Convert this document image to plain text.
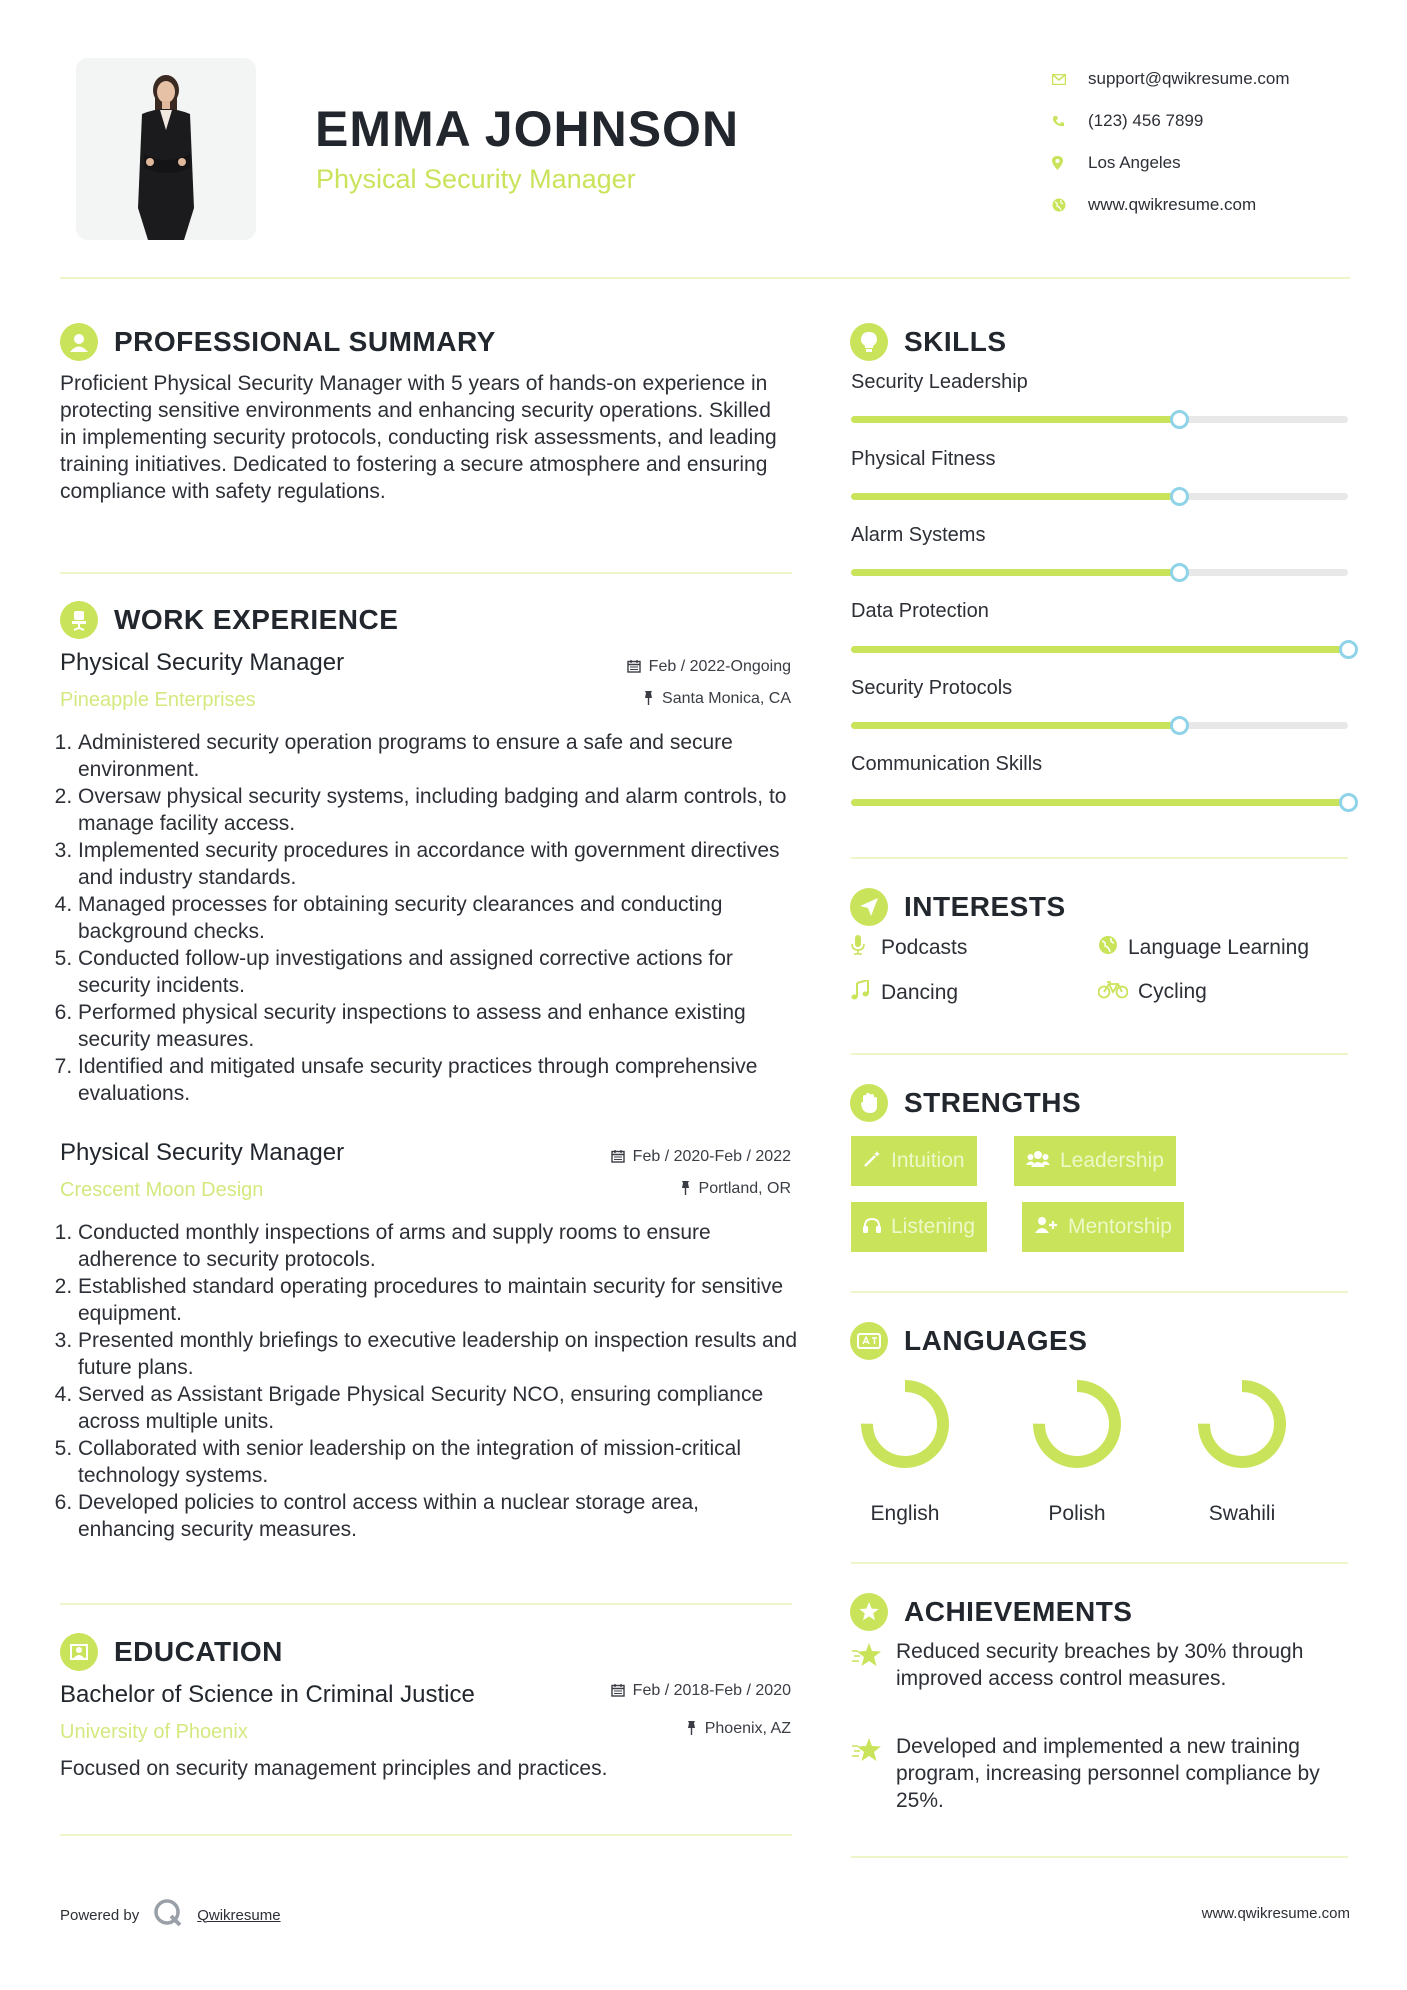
EMMA JOHNSON
Physical Security Manager
support@qwikresume.com
(123) 456 7899
Los Angeles
www.qwikresume.com
PROFESSIONAL SUMMARY
Proficient Physical Security Manager with 5 years of hands-on experience in protecting sensitive environments and enhancing security operations. Skilled in implementing security protocols, conducting risk assessments, and leading training initiatives. Dedicated to fostering a secure atmosphere and ensuring compliance with safety regulations.
WORK EXPERIENCE
Physical Security Manager
Pineapple Enterprises
Feb / 2022-Ongoing
Santa Monica, CA
1. Administered security operation programs to ensure a safe and secure environment.
2. Oversaw physical security systems, including badging and alarm controls, to manage facility access.
3. Implemented security procedures in accordance with government directives and industry standards.
4. Managed processes for obtaining security clearances and conducting background checks.
5. Conducted follow-up investigations and assigned corrective actions for security incidents.
6. Performed physical security inspections to assess and enhance existing security measures.
7. Identified and mitigated unsafe security practices through comprehensive evaluations.
Physical Security Manager
Crescent Moon Design
Feb / 2020-Feb / 2022
Portland, OR
1. Conducted monthly inspections of arms and supply rooms to ensure adherence to security protocols.
2. Established standard operating procedures to maintain security for sensitive equipment.
3. Presented monthly briefings to executive leadership on inspection results and future plans.
4. Served as Assistant Brigade Physical Security NCO, ensuring compliance across multiple units.
5. Collaborated with senior leadership on the integration of mission-critical technology systems.
6. Developed policies to control access within a nuclear storage area, enhancing security measures.
EDUCATION
Bachelor of Science in Criminal Justice
University of Phoenix
Feb / 2018-Feb / 2020
Phoenix, AZ
Focused on security management principles and practices.
SKILLS
Security Leadership
Physical Fitness
Alarm Systems
Data Protection
Security Protocols
Communication Skills
INTERESTS
Podcasts	Language Learning
Dancing	Cycling
STRENGTHS
Intuition	Leadership
Listening	Mentorship
LANGUAGES
English	Polish	Swahili
ACHIEVEMENTS
Reduced security breaches by 30% through improved access control measures.
Developed and implemented a new training program, increasing personnel compliance by 25%.
Powered by	Qwikresume	www.qwikresume.com
